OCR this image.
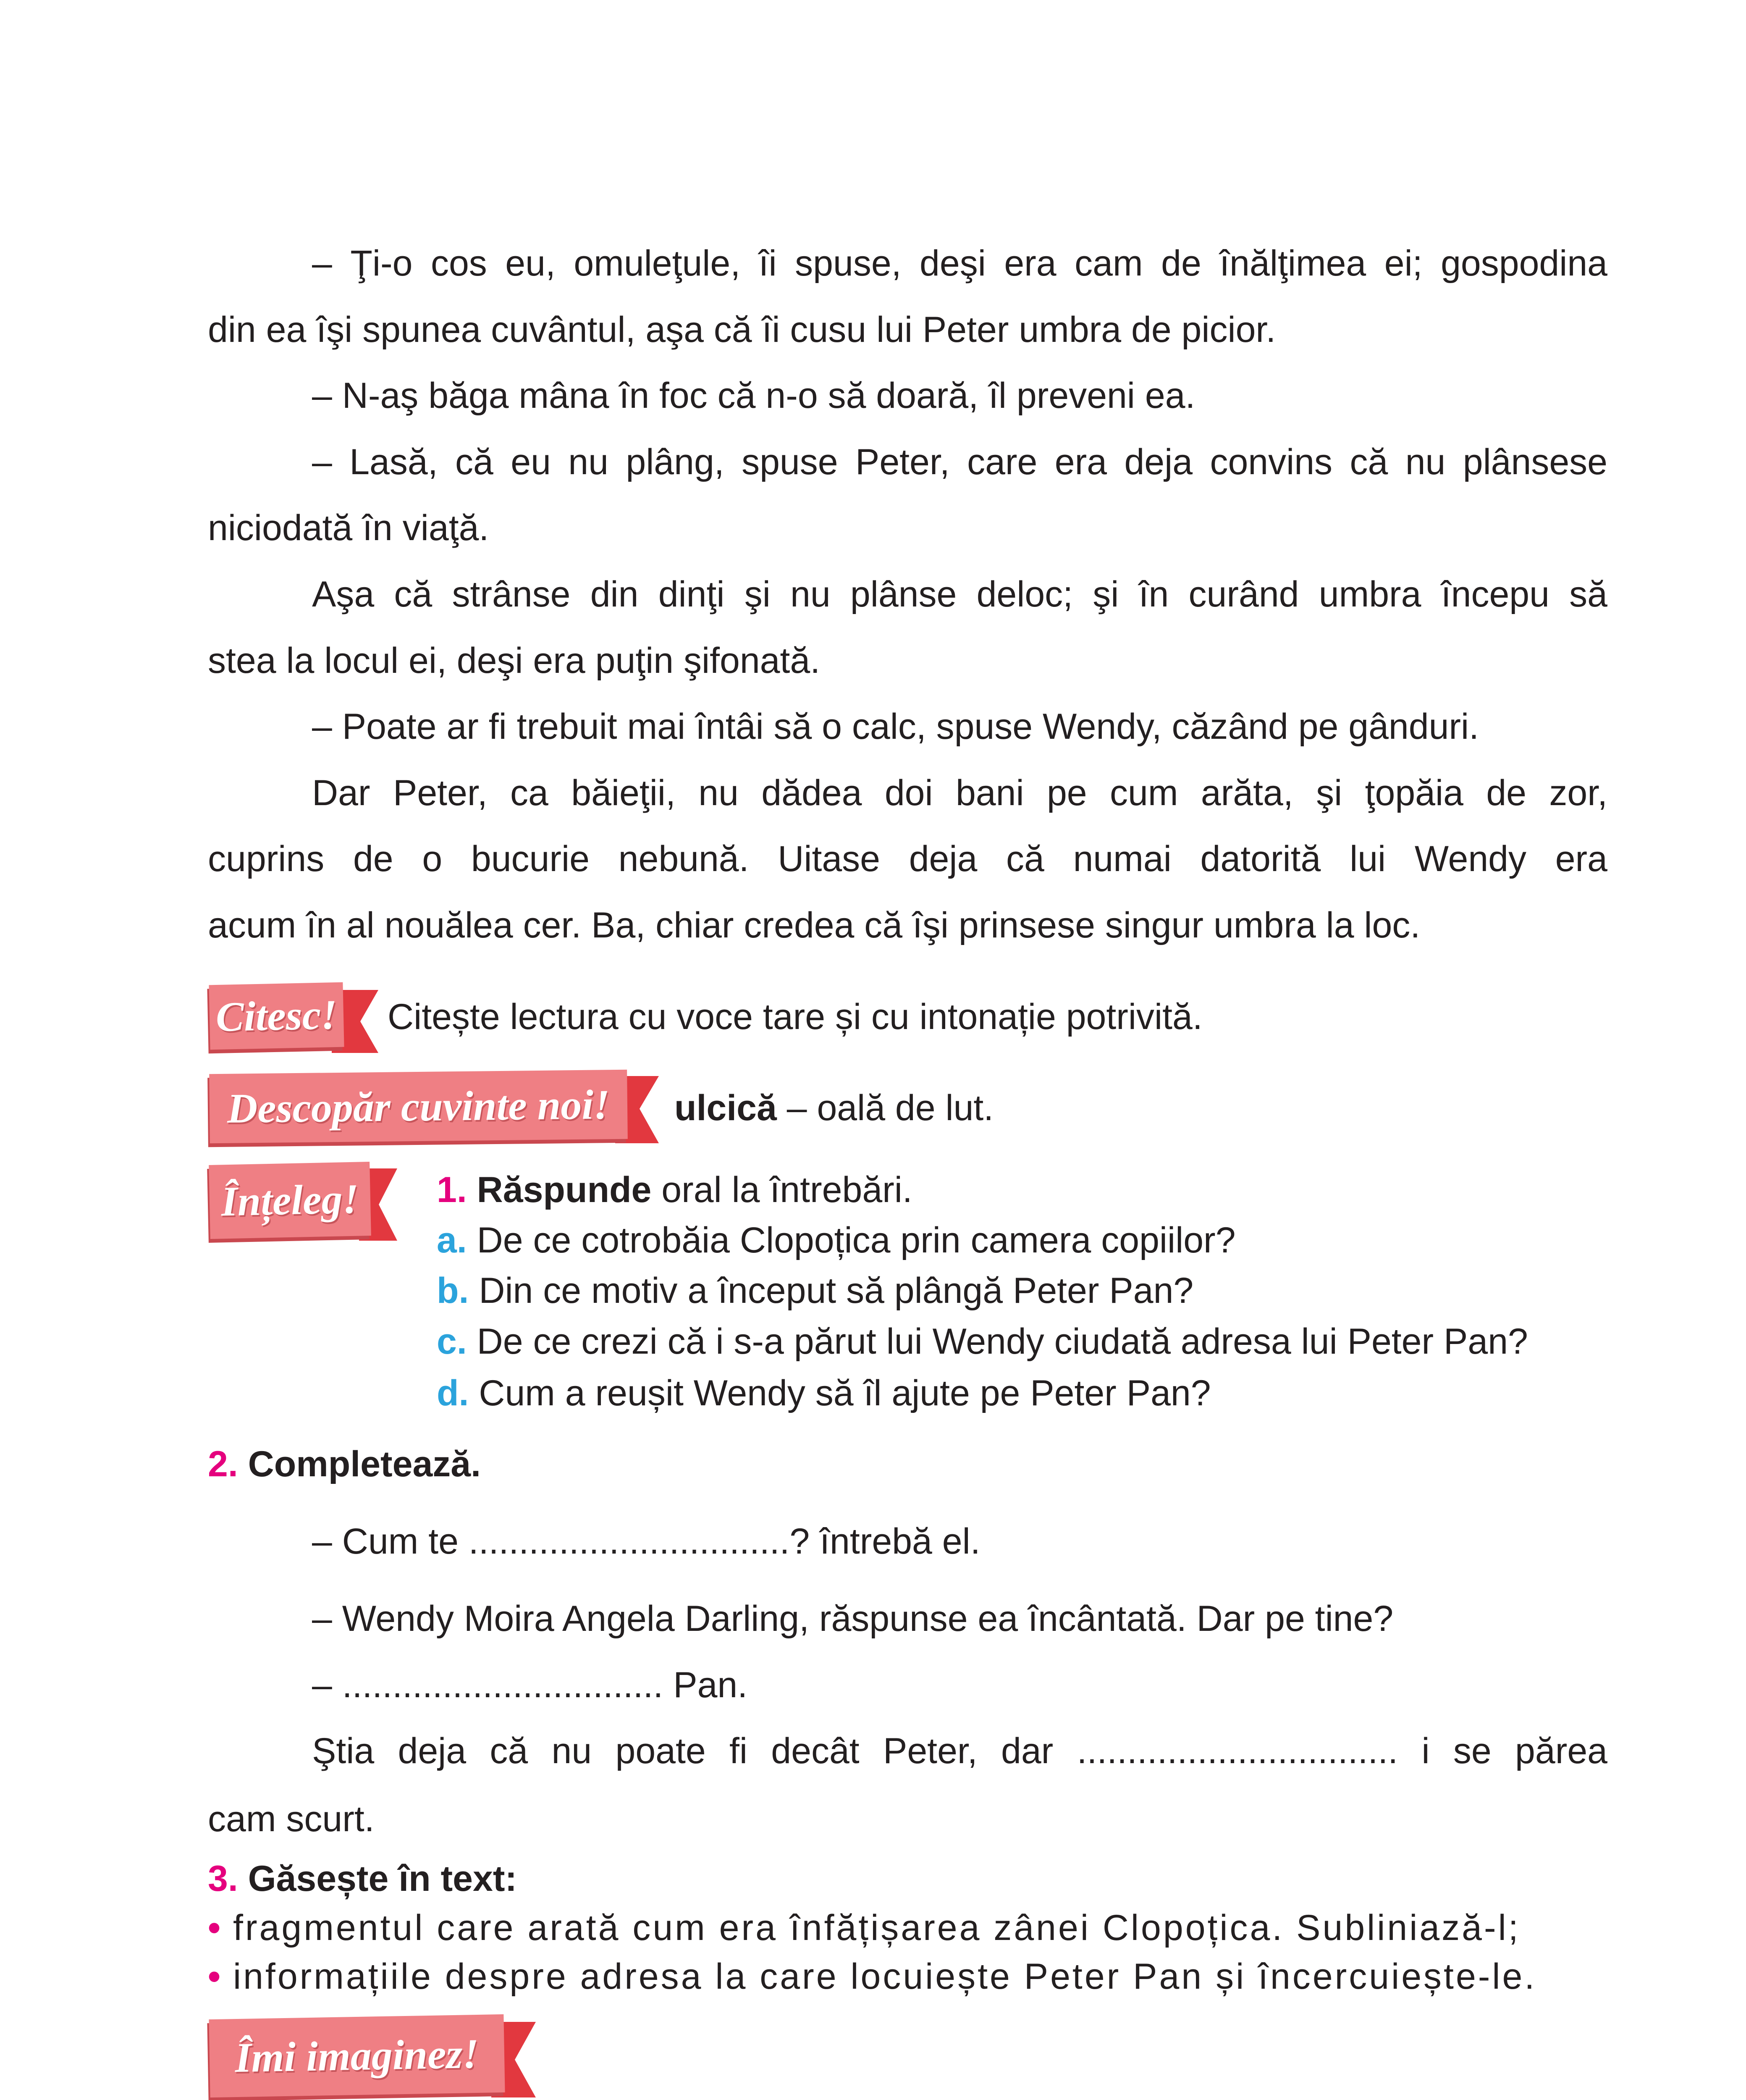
– Ţi-o cos eu, omuleţule, îi spuse, deşi era cam de înălţimea ei; gospodina
din ea îşi spunea cuvântul, aşa că îi cusu lui Peter umbra de picior.
– N-aş băga mâna în foc că n-o să doară, îl preveni ea.
– Lasă, că eu nu plâng, spuse Peter, care era deja convins că nu plânsese
niciodată în viaţă.
Aşa că strânse din dinţi şi nu plânse deloc; şi în curând umbra începu să
stea la locul ei, deşi era puţin şifonată.
– Poate ar fi trebuit mai întâi să o calc, spuse Wendy, căzând pe gânduri.
Dar Peter, ca băieţii, nu dădea doi bani pe cum arăta, şi ţopăia de zor,
cuprins de o bucurie nebună. Uitase deja că numai datorită lui Wendy era
acum în al nouălea cer. Ba, chiar credea că îşi prinsese singur umbra la loc.
Citesc! Citește lectura cu voce tare și cu intonație potrivită.
Descopăr cuvinte noi!	ulcică – oală de lut.
Înțeleg!	1. Răspunde oral la întrebări.
a. De ce cotrobăia Clopoțica prin camera copiilor?
b. Din ce motiv a început să plângă Peter Pan?
c. De ce crezi că i s-a părut lui Wendy ciudată adresa lui Peter Pan?
d. Cum a reușit Wendy să îl ajute pe Peter Pan?
2. Completează.
– Cum te ................................? întrebă el.
– Wendy Moira Angela Darling, răspunse ea încântată. Dar pe tine?
– ................................ Pan.
Ştia deja că nu poate fi decât Peter, dar ................................ i se părea
cam scurt.
3. Găsește în text:
• fragmentul care arată cum era înfățișarea zânei Clopoțica. Subliniază-l;
• informațiile despre adresa la care locuiește Peter Pan și încercuiește-le.
Îmi imaginez!
